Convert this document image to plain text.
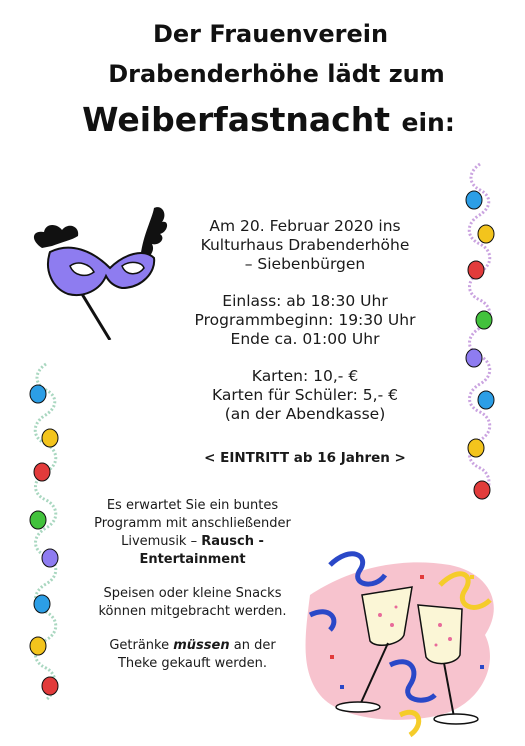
Der Frauenverein
Drabenderhöhe lädt zum
Weiberfastnacht ein:
Am 20. Februar 2020 ins
Kulturhaus Drabenderhöhe
– Siebenbürgen
Einlass: ab 18:30 Uhr
Programmbeginn: 19:30 Uhr
Ende ca. 01:00 Uhr
Karten: 10,- €
Karten für Schüler: 5,- €
(an der Abendkasse)
< EINTRITT ab 16 Jahren >
Es erwartet Sie ein buntes
Programm mit anschließender
Livemusik – Rausch -
Entertainment
Speisen oder kleine Snacks
können mitgebracht werden.
Getränke müssen an der
Theke gekauft werden.
